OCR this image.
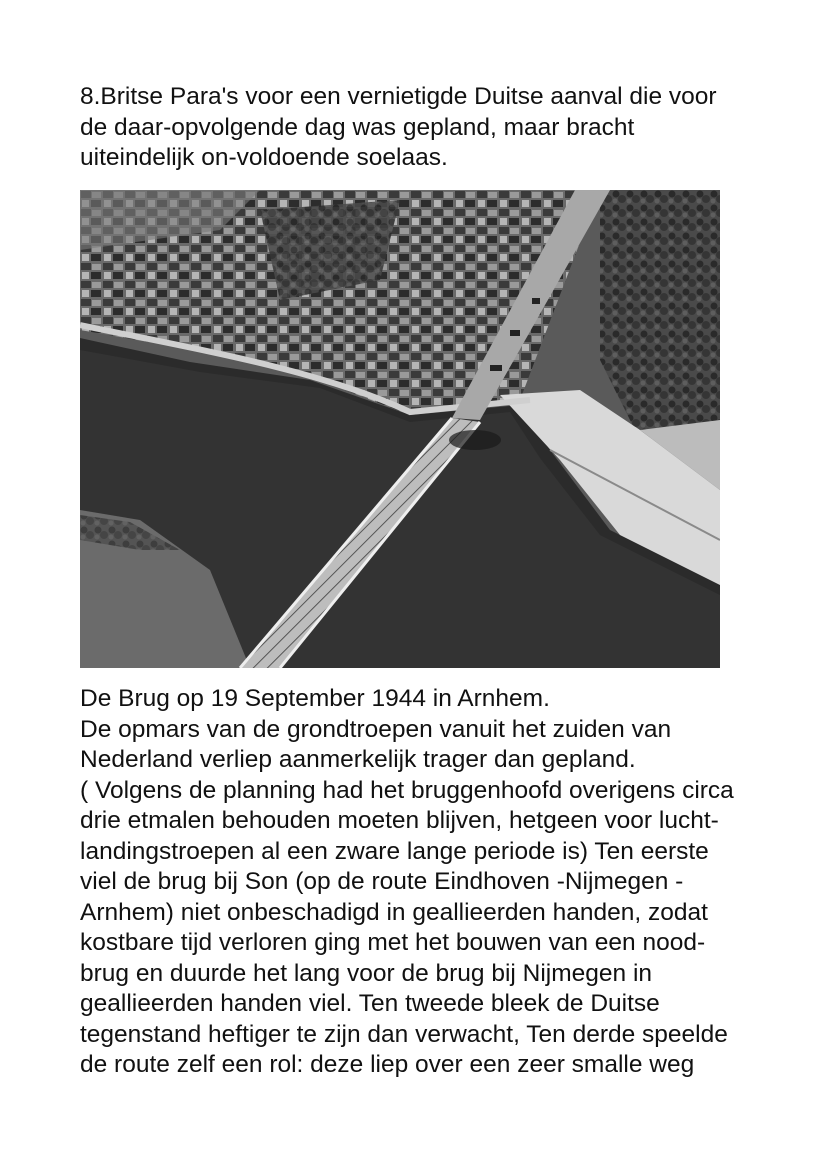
8.Britse Para's voor een vernietigde Duitse aanval die voor
de daar-opvolgende dag was gepland, maar bracht
uiteindelijk on-voldoende soelaas.
De Brug op 19 September 1944 in Arnhem.
De opmars van de grondtroepen vanuit het zuiden van
Nederland verliep aanmerkelijk trager dan gepland.
( Volgens de planning had het bruggenhoofd overigens circa
drie etmalen behouden moeten blijven, hetgeen voor lucht-
landingstroepen al een zware lange periode is) Ten eerste
viel de brug bij Son (op de route Eindhoven -Nijmegen -
Arnhem) niet onbeschadigd in geallieerden handen, zodat
kostbare tijd verloren ging met het bouwen van een nood-
brug en duurde het lang voor de brug bij Nijmegen in
geallieerden handen viel. Ten tweede bleek de Duitse
tegenstand heftiger te zijn dan verwacht, Ten derde speelde
de route zelf een rol: deze liep over een zeer smalle weg
